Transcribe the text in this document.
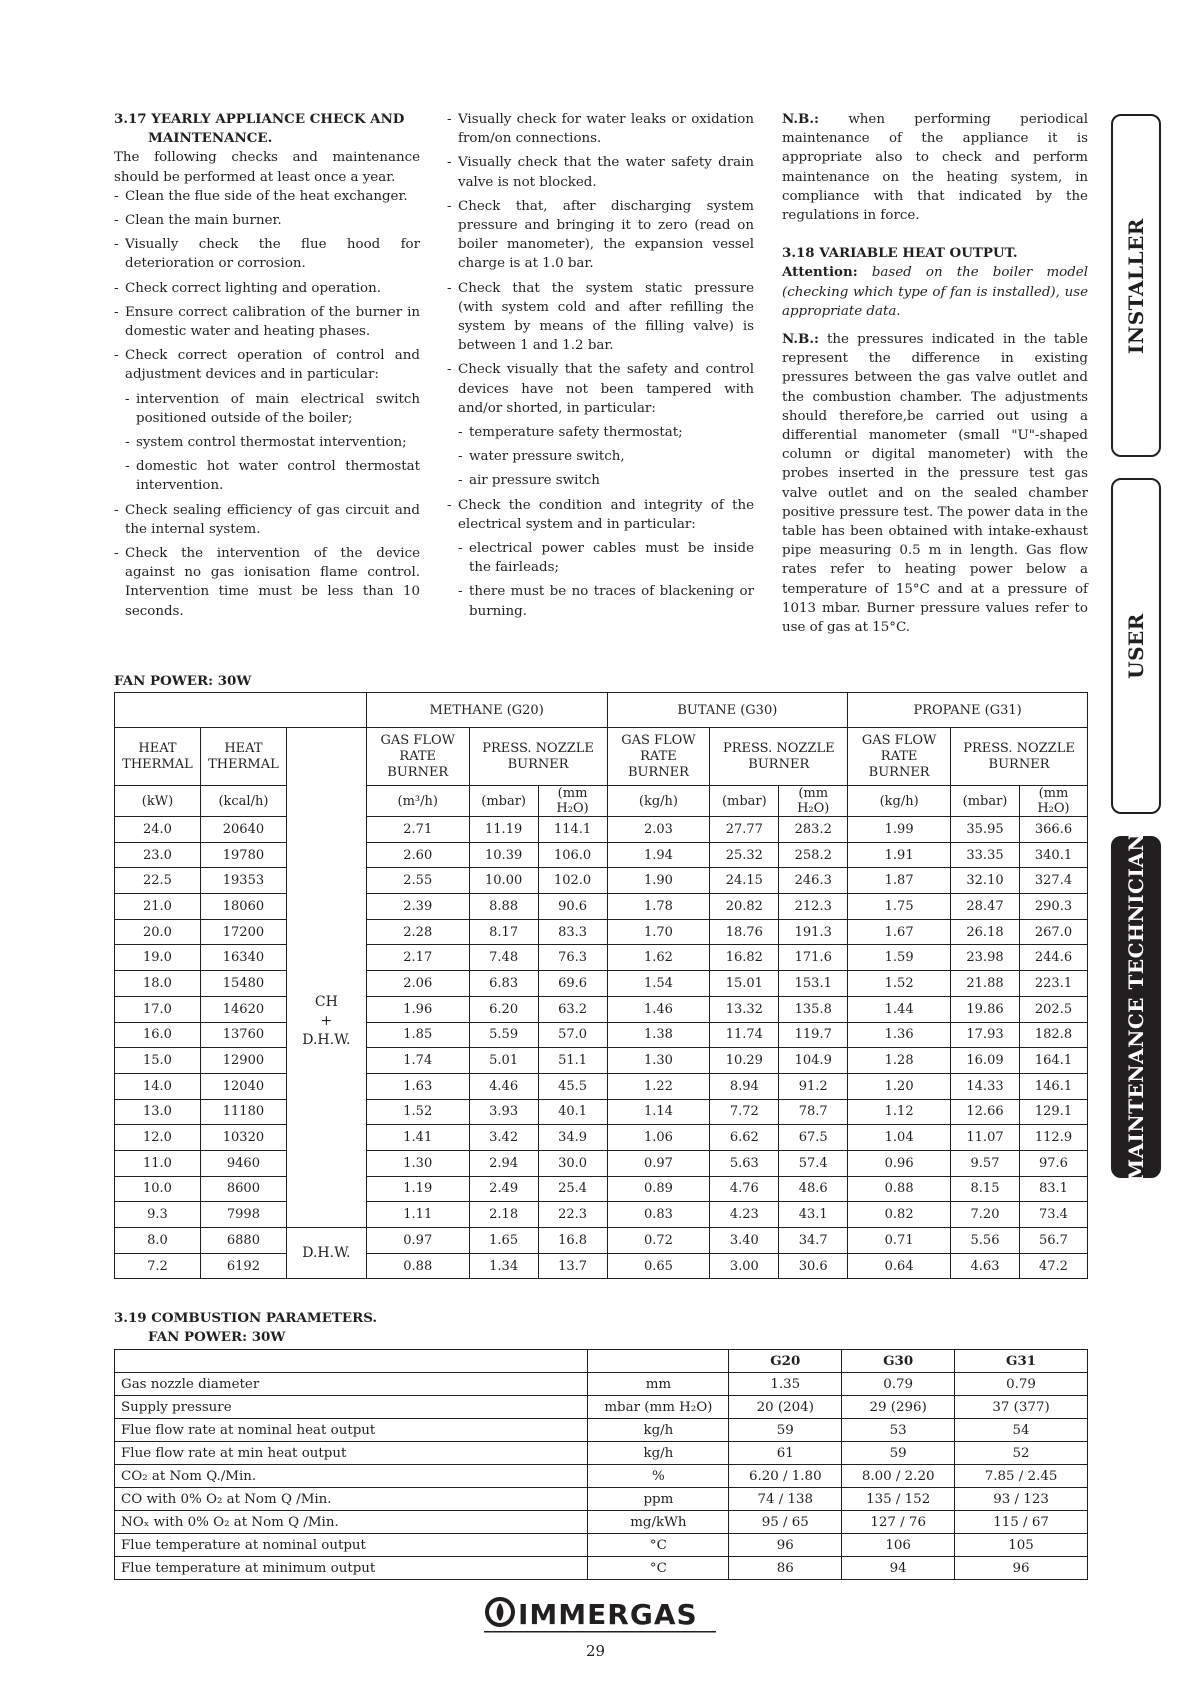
3.17 YEARLY APPLIANCE CHECK AND
MAINTENANCE.

The following checks and maintenance should be performed at least once a year.

- Clean the flue side of the heat exchanger.
- Clean the main burner.
- Visually check the flue hood for deterioration or corrosion.
- Check correct lighting and operation.
- Ensure correct calibration of the burner in domestic water and heating phases.
- Check correct operation of control and adjustment devices and in particular:
- intervention of main electrical switch positioned outside of the boiler;
- system control thermostat intervention;
- domestic hot water control thermostat intervention.
- Check sealing efficiency of gas circuit and the internal system.
- Check the intervention of the device against no gas ionisation flame control. Intervention time must be less than 10 seconds.
- Visually check for water leaks or oxidation from/on connections.
- Visually check that the water safety drain valve is not blocked.
- Check that, after discharging system pressure and bringing it to zero (read on boiler manometer), the expansion vessel charge is at 1.0 bar.
- Check that the system static pressure (with system cold and after refilling the system by means of the filling valve) is between 1 and 1.2 bar.
- Check visually that the safety and control devices have not been tampered with and/or shorted, in particular:
- temperature safety thermostat;
- water pressure switch,
- air pressure switch
- Check the condition and integrity of the electrical system and in particular:
- electrical power cables must be inside the fairleads;
- there must be no traces of blackening or burning.

N.B.: when performing periodical maintenance of the appliance it is appropriate also to check and perform maintenance on the heating system, in compliance with that indicated by the regulations in force.

3.18 VARIABLE HEAT OUTPUT.

Attention: based on the boiler model (checking which type of fan is installed), use appropriate data.

N.B.: the pressures indicated in the table represent the difference in existing pressures between the gas valve outlet and the combustion chamber. The adjustments should therefore,be carried out using a differential manometer (small "U"-shaped column or digital manometer) with the probes inserted in the pressure test gas valve outlet and on the sealed chamber positive pressure test. The power data in the table has been obtained with intake-exhaust pipe measuring 0.5 m in length. Gas flow rates refer to heating power below a temperature of 15°C and at a pressure of 1013 mbar. Burner pressure values refer to use of gas at 15°C.

INSTALLER
USER
MAINTENANCE TECHNICIAN
FAN POWER: 30W
			METHANE (G20)			BUTANE (G30)			PROPANE (G31)		
HEAT THERMAL	HEAT THERMAL		GAS FLOW RATE BURNER	PRESS. NOZZLE BURNER		GAS FLOW RATE BURNER	PRESS. NOZZLE BURNER		GAS FLOW RATE BURNER	PRESS. NOZZLE BURNER	
(kW)	(kcal/h)		(m³/h)	(mbar)	(mm H₂O)	(kg/h)	(mbar)	(mm H₂O)	(kg/h)	(mbar)	(mm H₂O)
24.0	20640	CH
+
D.H.W.	2.71	11.19	114.1	2.03	27.77	283.2	1.99	35.95	366.6
23.0	19780		2.60	10.39	106.0	1.94	25.32	258.2	1.91	33.35	340.1
22.5	19353		2.55	10.00	102.0	1.90	24.15	246.3	1.87	32.10	327.4
21.0	18060		2.39	8.88	90.6	1.78	20.82	212.3	1.75	28.47	290.3
20.0	17200		2.28	8.17	83.3	1.70	18.76	191.3	1.67	26.18	267.0
19.0	16340		2.17	7.48	76.3	1.62	16.82	171.6	1.59	23.98	244.6
18.0	15480		2.06	6.83	69.6	1.54	15.01	153.1	1.52	21.88	223.1
17.0	14620		1.96	6.20	63.2	1.46	13.32	135.8	1.44	19.86	202.5
16.0	13760		1.85	5.59	57.0	1.38	11.74	119.7	1.36	17.93	182.8
15.0	12900		1.74	5.01	51.1	1.30	10.29	104.9	1.28	16.09	164.1
14.0	12040		1.63	4.46	45.5	1.22	8.94	91.2	1.20	14.33	146.1
13.0	11180		1.52	3.93	40.1	1.14	7.72	78.7	1.12	12.66	129.1
12.0	10320		1.41	3.42	34.9	1.06	6.62	67.5	1.04	11.07	112.9
11.0	9460		1.30	2.94	30.0	0.97	5.63	57.4	0.96	9.57	97.6
10.0	8600		1.19	2.49	25.4	0.89	4.76	48.6	0.88	8.15	83.1
9.3	7998		1.11	2.18	22.3	0.83	4.23	43.1	0.82	7.20	73.4
8.0	6880	D.H.W.	0.97	1.65	16.8	0.72	3.40	34.7	0.71	5.56	56.7
7.2	6192		0.88	1.34	13.7	0.65	3.00	30.6	0.64	4.63	47.2
3.19 COMBUSTION PARAMETERS.
FAN POWER: 30W
		G20	G30	G31
Gas nozzle diameter	mm	1.35	0.79	0.79
Supply pressure	mbar (mm H₂O)	20 (204)	29 (296)	37 (377)
Flue flow rate at nominal heat output	kg/h	59	53	54
Flue flow rate at min heat output	kg/h	61	59	52
CO₂ at Nom Q./Min.	%	6.20 / 1.80	8.00 / 2.20	7.85 / 2.45
CO with 0% O₂ at Nom Q /Min.	ppm	74 / 138	135 / 152	93 / 123
NOₓ with 0% O₂ at Nom Q /Min.	mg/kWh	95 / 65	127 / 76	115 / 67
Flue temperature at nominal output	°C	96	106	105
Flue temperature at minimum output	°C	86	94	96
IMMERGAS
29
